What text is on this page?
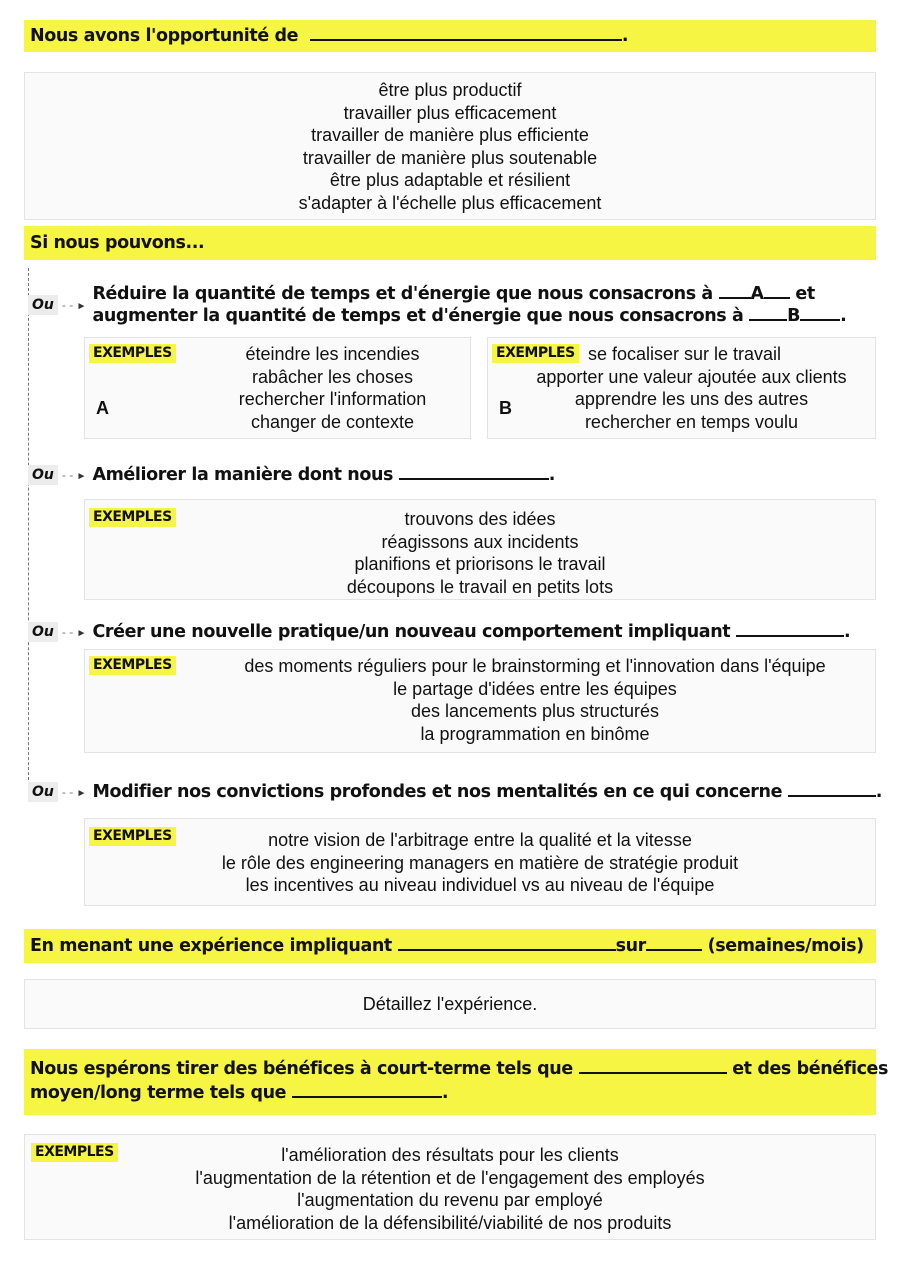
Nous avons l'opportunité de	.
être plus productif
travailler plus efficacement
travailler de manière plus efficiente
travailler de manière plus soutenable
être plus adaptable et résilient
s'adapter à l'échelle plus efficacement
Si nous pouvons...
Ou - - ►
Réduire la quantité de temps et d'énergie que nous consacrons à A et
augmenter la quantité de temps et d'énergie que nous consacrons à B .
EXEMPLES
A
éteindre les incendies
rabâcher les choses
rechercher l'information
changer de contexte
EXEMPLES
B
se focaliser sur le travail
apporter une valeur ajoutée aux clients
apprendre les uns des autres
rechercher en temps voulu
Ou - - ► Améliorer la manière dont nous	.
EXEMPLES	trouvons des idées
réagissons aux incidents
planifions et priorisons le travail
découpons le travail en petits lots
Ou - - ► Créer une nouvelle pratique/un nouveau comportement impliquant	.
EXEMPLES	des moments réguliers pour le brainstorming et l'innovation dans l'équipe
le partage d'idées entre les équipes
des lancements plus structurés
la programmation en binôme
Ou - - ► Modifier nos convictions profondes et nos mentalités en ce qui concerne	.
EXEMPLES	notre vision de l'arbitrage entre la qualité et la vitesse
le rôle des engineering managers en matière de stratégie produit
les incentives au niveau individuel vs au niveau de l'équipe
En menant une expérience impliquant	sur	(semaines/mois)
Détaillez l'expérience.
Nous espérons tirer des bénéfices à court-terme tels que	et des bénéfices
moyen/long terme tels que	.
EXEMPLES	l'amélioration des résultats pour les clients
l'augmentation de la rétention et de l'engagement des employés
l'augmentation du revenu par employé
l'amélioration de la défensibilité/viabilité de nos produits
